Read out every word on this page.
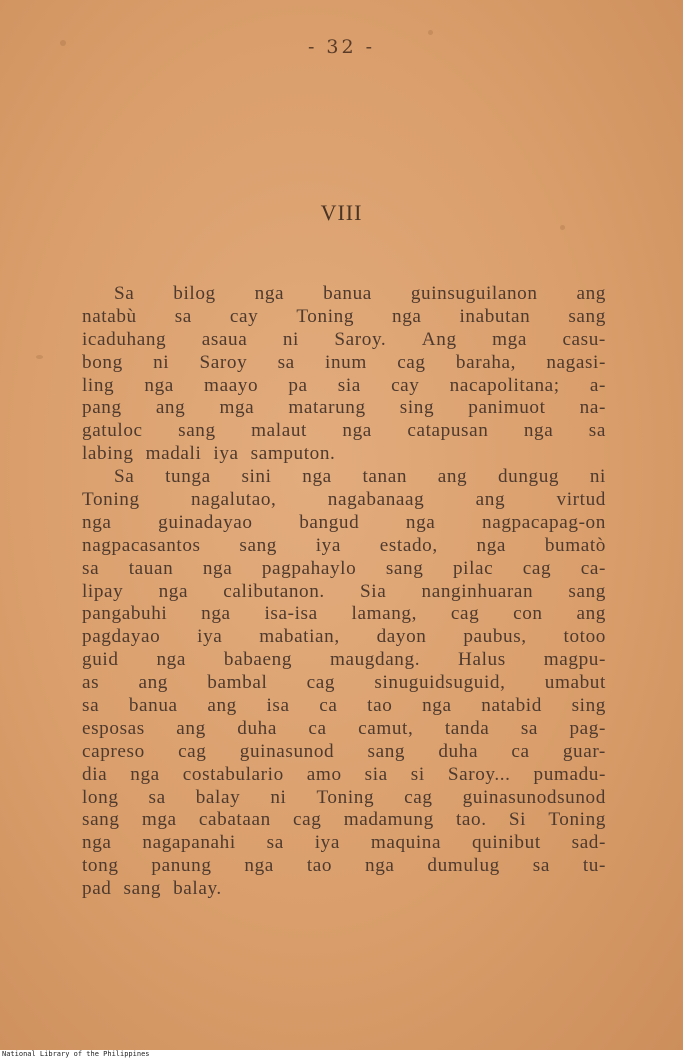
- 32 -
VIII
Sa bilog nga banua guinsuguilanon ang
natabù sa cay Toning nga inabutan sang
icaduhang asaua ni Saroy. Ang mga casu-
bong ni Saroy sa inum cag baraha, nagasi-
ling nga maayo pa sia cay nacapolitana; a-
pang ang mga matarung sing panimuot na-
gatuloc sang malaut nga catapusan nga sa
labing madali iya samputon.
Sa tunga sini nga tanan ang dungug ni
Toning	nagalutao,	nagabanaag	ang	virtud
nga guinadayao bangud nga nagpacapag-on
nagpacasantos sang iya estado, nga bumatò
sa tauan nga pagpahaylo sang pilac cag ca-
lipay nga calibutanon. Sia nanginhuaran sang
pangabuhi nga isa-isa lamang, cag con ang
pagdayao iya mabatian, dayon paubus, totoo
guid nga babaeng maugdang. Halus magpu-
as ang bambal cag sinuguidsuguid, umabut
sa banua ang isa ca tao nga natabid sing
esposas ang duha ca camut, tanda sa pag-
capreso cag guinasunod sang duha ca guar-
dia nga costabulario amo sia si Saroy... pumadu-
long sa balay ni Toning cag guinasunodsunod
sang mga cabataan cag madamung tao. Si Toning
nga nagapanahi sa iya maquina quinibut sad-
tong panung nga tao nga dumulug sa tu-
pad sang balay.
National Library of the Philippines
